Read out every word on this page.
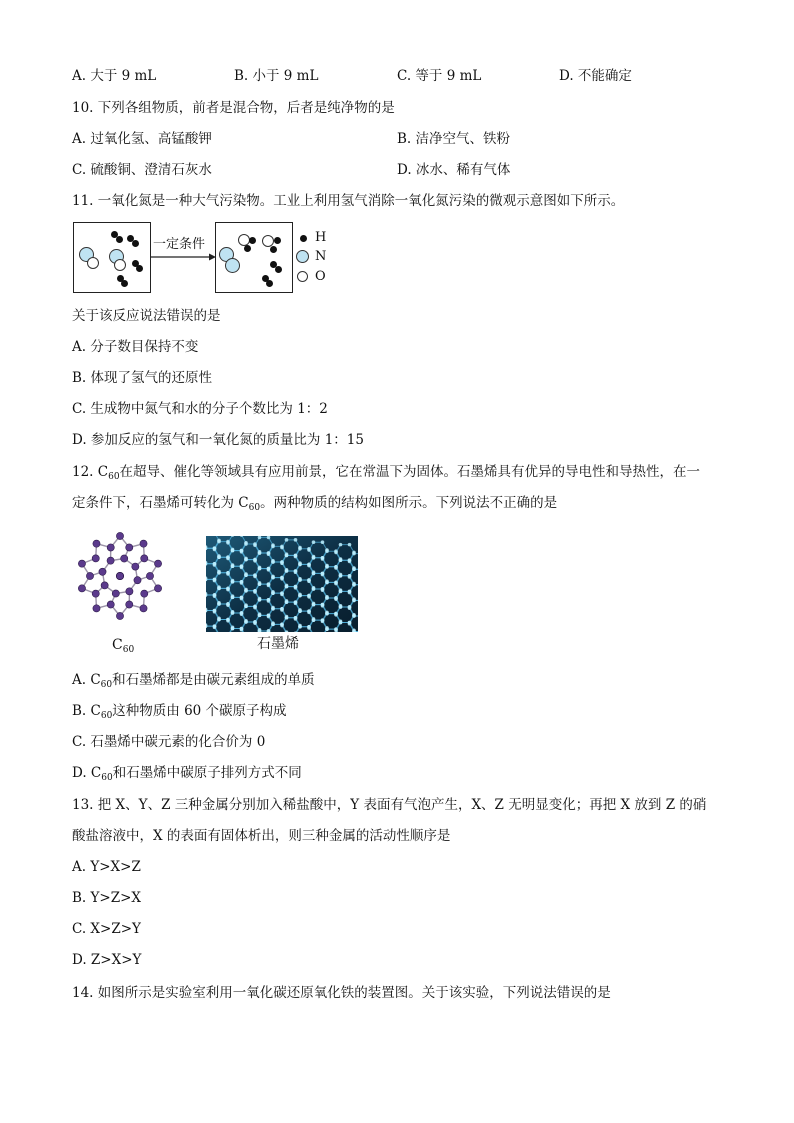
A. 大于 9 mL	B. 小于 9 mL	C. 等于 9 mL	D. 不能确定
10. 下列各组物质，前者是混合物，后者是纯净物的是
A. 过氧化氢、高锰酸钾	B. 洁净空气、铁粉
C. 硫酸铜、澄清石灰水	D. 冰水、稀有气体
11. 一氧化氮是一种大气污染物。工业上利用氢气消除一氧化氮污染的微观示意图如下所示。
一定条件	H
N
O
关于该反应说法错误的是
A. 分子数目保持不变
B. 体现了氢气的还原性
C. 生成物中氮气和水的分子个数比为 1：2
D. 参加反应的氢气和一氧化氮的质量比为 1：15
12. $C_{60}$在超导、催化等领域具有应用前景，它在常温下为固体。石墨烯具有优异的导电性和导热性，在一
定条件下，石墨烯可转化为 $C_{60}$。两种物质的结构如图所示。下列说法不正确的是
$C_{60}$	石墨烯
A. $C_{60}$和石墨烯都是由碳元素组成的单质
B. $C_{60}$这种物质由 60 个碳原子构成
C. 石墨烯中碳元素的化合价为 0
D. $C_{60}$和石墨烯中碳原子排列方式不同
13. 把 X、Y、Z 三种金属分别加入稀盐酸中，Y 表面有气泡产生，X、Z 无明显变化；再把 X 放到 Z 的硝
酸盐溶液中，X 的表面有固体析出，则三种金属的活动性顺序是
A. Y>X>Z
B. Y>Z>X
C. X>Z>Y
D. Z>X>Y
14. 如图所示是实验室利用一氧化碳还原氧化铁的装置图。关于该实验，下列说法错误的是
